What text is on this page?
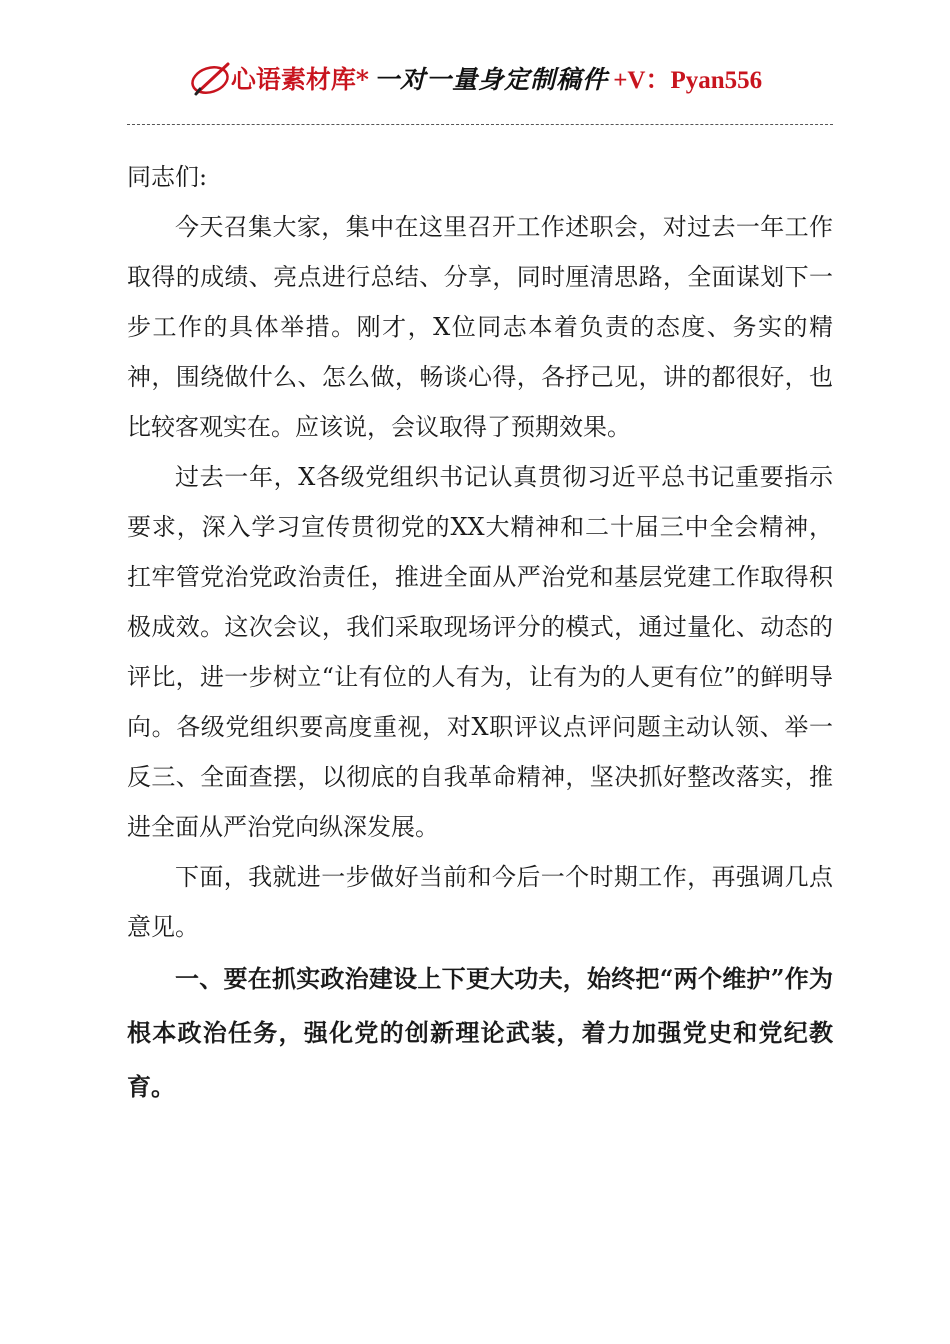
心语素材库* 一对一量身定制稿件 +V：Pyan556

同志们:

今天召集大家，集中在这里召开工作述职会，对过去一年工作取得的成绩、亮点进行总结、分享，同时厘清思路，全面谋划下一步工作的具体举措。刚才，X位同志本着负责的态度、务实的精神，围绕做什么、怎么做，畅谈心得，各抒己见，讲的都很好，也比较客观实在。应该说，会议取得了预期效果。

过去一年，X各级党组织书记认真贯彻习近平总书记重要指示要求，深入学习宣传贯彻党的XX大精神和二十届三中全会精神，扛牢管党治党政治责任，推进全面从严治党和基层党建工作取得积极成效。这次会议，我们采取现场评分的模式，通过量化、动态的评比，进一步树立“让有位的人有为，让有为的人更有位”的鲜明导向。各级党组织要高度重视，对X职评议点评问题主动认领、举一反三、全面查摆，以彻底的自我革命精神，坚决抓好整改落实，推进全面从严治党向纵深发展。

下面，我就进一步做好当前和今后一个时期工作，再强调几点意见。

一、要在抓实政治建设上下更大功夫，始终把“两个维护”作为根本政治任务，强化党的创新理论武装，着力加强党史和党纪教育。
